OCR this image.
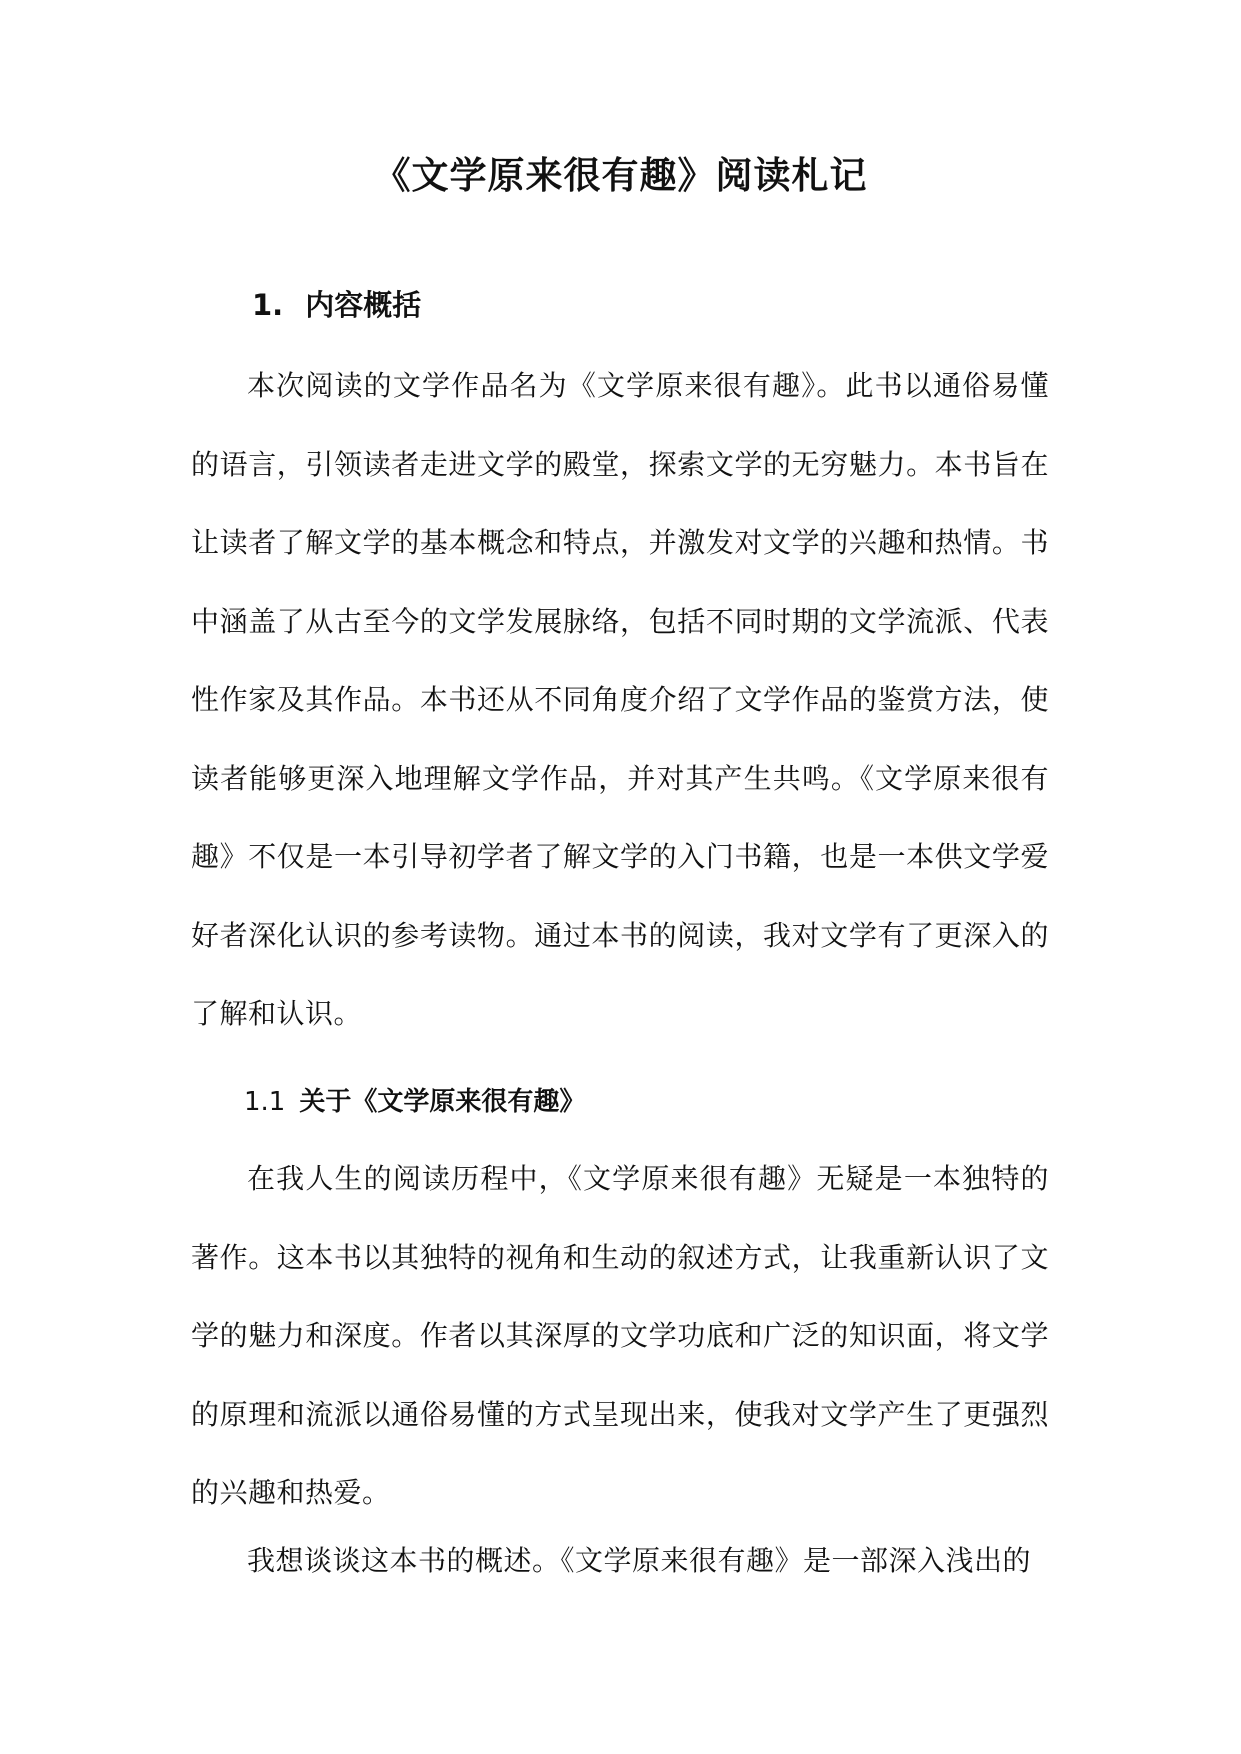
《文学原来很有趣》阅读札记
1. 内容概括

本次阅读的文学作品名为《文学原来很有趣》。此书以通俗易懂的语言，引领读者走进文学的殿堂，探索文学的无穷魅力。本书旨在让读者了解文学的基本概念和特点，并激发对文学的兴趣和热情。书中涵盖了从古至今的文学发展脉络，包括不同时期的文学流派、代表性作家及其作品。本书还从不同角度介绍了文学作品的鉴赏方法，使读者能够更深入地理解文学作品，并对其产生共鸣。《文学原来很有趣》不仅是一本引导初学者了解文学的入门书籍，也是一本供文学爱好者深化认识的参考读物。通过本书的阅读，我对文学有了更深入的了解和认识。

1.1 关于《文学原来很有趣》

在我人生的阅读历程中，《文学原来很有趣》无疑是一本独特的著作。这本书以其独特的视角和生动的叙述方式，让我重新认识了文学的魅力和深度。作者以其深厚的文学功底和广泛的知识面，将文学的原理和流派以通俗易懂的方式呈现出来，使我对文学产生了更强烈的兴趣和热爱。

我想谈谈这本书的概述。《文学原来很有趣》是一部深入浅出的
